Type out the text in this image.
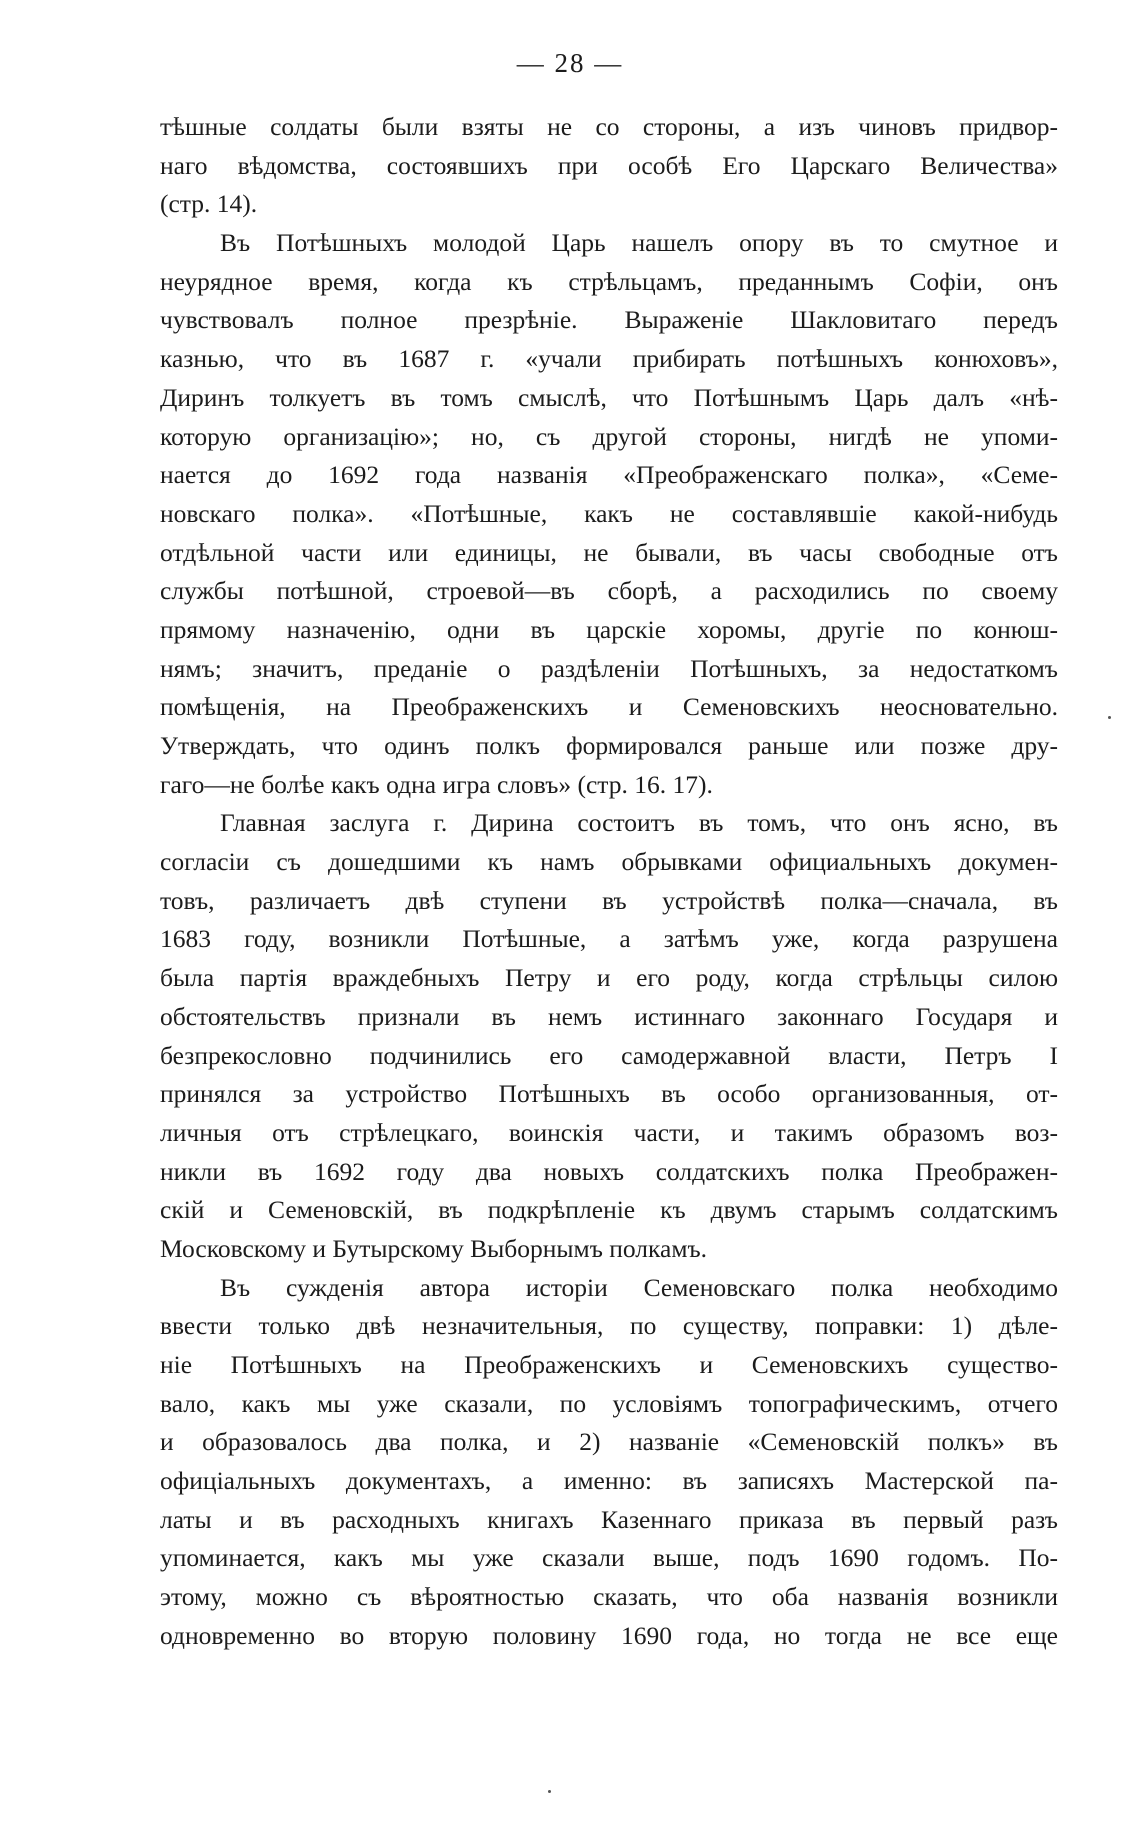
— 28 —
тѣшные солдаты были взяты не со стороны, а изъ чиновъ придвор-
наго вѣдомства, состоявшихъ при особѣ Его Царскаго Величества»
(стр. 14).
Въ Потѣшныхъ молодой Царь нашелъ опору въ то смутное и
неурядное время, когда къ стрѣльцамъ, преданнымъ Софіи, онъ
чувствовалъ полное презрѣніе. Выраженіе Шакловитаго передъ
казнью, что въ 1687 г. «учали прибирать потѣшныхъ конюховъ»,
Диринъ толкуетъ въ томъ смыслѣ, что Потѣшнымъ Царь далъ «нѣ-
которую организацію»; но, съ другой стороны, нигдѣ не упоми-
нается до 1692 года названія «Преображенскаго полка», «Семе-
новскаго полка». «Потѣшные, какъ не составлявшіе какой-нибудь
отдѣльной части или единицы, не бывали, въ часы свободные отъ
службы потѣшной, строевой—въ сборѣ, а расходились по своему
прямому назначенію, одни въ царскіе хоромы, другіе по конюш-
нямъ; значитъ, преданіе о раздѣленіи Потѣшныхъ, за недостаткомъ
помѣщенія, на Преображенскихъ и Семеновскихъ неосновательно.
Утверждать, что одинъ полкъ формировался раньше или позже дру-
гаго—не болѣе какъ одна игра словъ» (стр. 16. 17).
Главная заслуга г. Дирина состоитъ въ томъ, что онъ ясно, въ
согласіи съ дошедшими къ намъ обрывками официальныхъ докумен-
товъ, различаетъ двѣ ступени въ устройствѣ полка—сначала, въ
1683 году, возникли Потѣшные, а затѣмъ уже, когда разрушена
была партія враждебныхъ Петру и его роду, когда стрѣльцы силою
обстоятельствъ признали въ немъ истиннаго законнаго Государя и
безпрекословно подчинились его самодержавной власти, Петръ I
принялся за устройство Потѣшныхъ въ особо организованныя, от-
личныя отъ стрѣлецкаго, воинскія части, и такимъ образомъ воз-
никли въ 1692 году два новыхъ солдатскихъ полка Преображен-
скій и Семеновскій, въ подкрѣпленіе къ двумъ старымъ солдатскимъ
Московскому и Бутырскому Выборнымъ полкамъ.
Въ сужденія автора исторіи Семеновскаго полка необходимо
ввести только двѣ незначительныя, по существу, поправки: 1) дѣле-
ніе Потѣшныхъ на Преображенскихъ и Семеновскихъ существо-
вало, какъ мы уже сказали, по условіямъ топографическимъ, отчего
и образовалось два полка, и 2) названіе «Семеновскій полкъ» въ
офиціальныхъ документахъ, а именно: въ записяхъ Мастерской па-
латы и въ расходныхъ книгахъ Казеннаго приказа въ первый разъ
упоминается, какъ мы уже сказали выше, подъ 1690 годомъ. По-
этому, можно съ вѣроятностью сказать, что оба названія возникли
одновременно во вторую половину 1690 года, но тогда не все еще
